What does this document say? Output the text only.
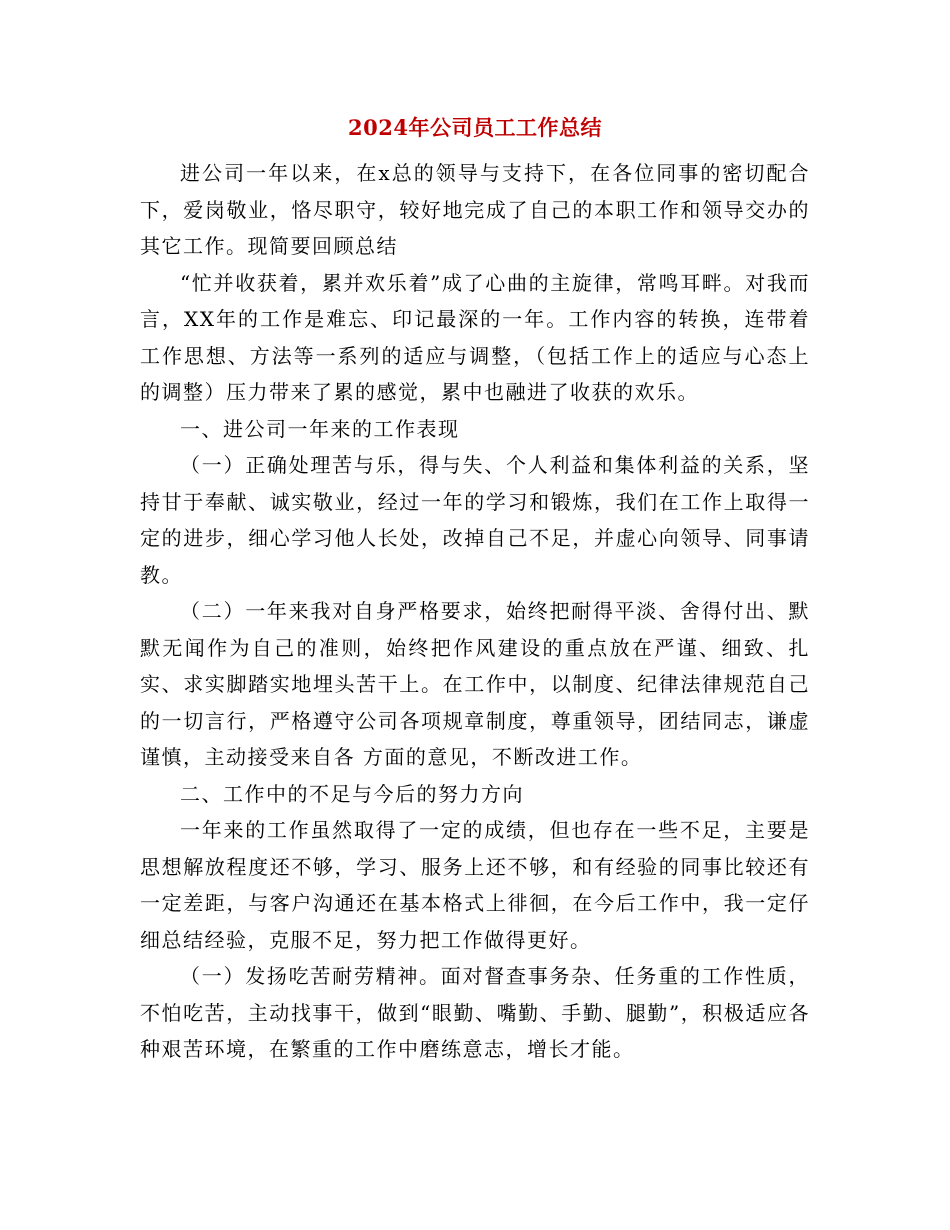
2024年公司员工工作总结

进公司一年以来，在x总的领导与支持下，在各位同事的密切配合下，爱岗敬业，恪尽职守，较好地完成了自己的本职工作和领导交办的其它工作。现简要回顾总结

“忙并收获着，累并欢乐着”成了心曲的主旋律，常鸣耳畔。对我而言，XX年的工作是难忘、印记最深的一年。工作内容的转换，连带着工作思想、方法等一系列的适应与调整，（包括工作上的适应与心态上的调整）压力带来了累的感觉，累中也融进了收获的欢乐。

一、进公司一年来的工作表现

（一）正确处理苦与乐，得与失、个人利益和集体利益的关系，坚持甘于奉献、诚实敬业，经过一年的学习和锻炼，我们在工作上取得一定的进步，细心学习他人长处，改掉自己不足，并虚心向领导、同事请教。

（二）一年来我对自身严格要求，始终把耐得平淡、舍得付出、默默无闻作为自己的准则，始终把作风建设的重点放在严谨、细致、扎实、求实脚踏实地埋头苦干上。在工作中，以制度、纪律法律规范自己的一切言行，严格遵守公司各项规章制度，尊重领导，团结同志，谦虚谨慎，主动接受来自各 方面的意见，不断改进工作。

二、工作中的不足与今后的努力方向

一年来的工作虽然取得了一定的成绩，但也存在一些不足，主要是思想解放程度还不够，学习、服务上还不够，和有经验的同事比较还有一定差距，与客户沟通还在基本格式上徘徊，在今后工作中，我一定仔细总结经验，克服不足，努力把工作做得更好。

（一）发扬吃苦耐劳精神。面对督查事务杂、任务重的工作性质，不怕吃苦，主动找事干，做到“眼勤、嘴勤、手勤、腿勤”，积极适应各种艰苦环境，在繁重的工作中磨练意志，增长才能。
